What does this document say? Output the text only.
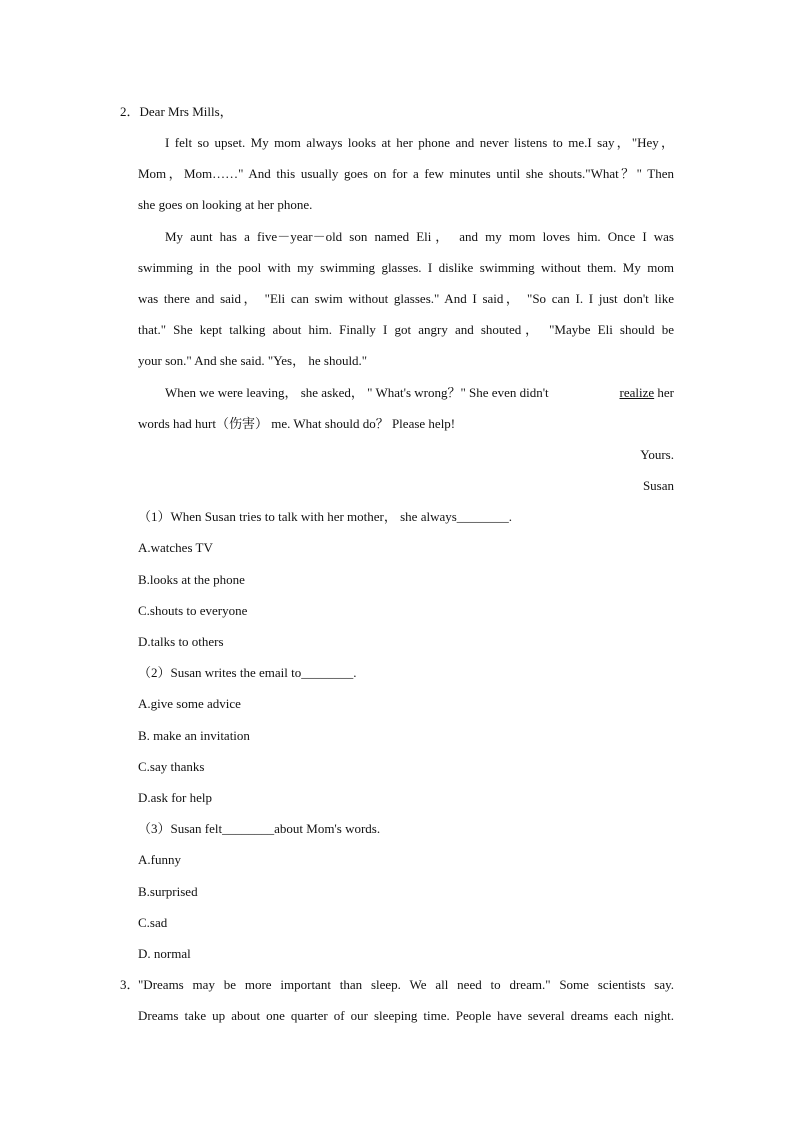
2．Dear Mrs Mills，
I felt so upset. My mom always looks at her phone and never listens to me.I say，"Hey，
Mom，Mom……" And this usually goes on for a few minutes until she shouts."What？" Then
she goes on looking at her phone.
My aunt has a five－year－old son named Eli， and my mom loves him. Once I was
swimming in the pool with my swimming glasses. I dislike swimming without them. My mom
was there and said， "Eli can swim without glasses." And I said， "So can I. I just don't like
that." She kept talking about him. Finally I got angry and shouted， "Maybe Eli should be
your son." And she said. "Yes， he should."
When we were leaving， she asked， " What's wrong？" She even didn't	realize her
words had hurt（伤害） me. What should do？ Please help!
Yours.
Susan
（1）When Susan tries to talk with her mother， she always________.
A.watches TV
B.looks at the phone
C.shouts to everyone
D.talks to others
（2）Susan writes the email to________.
A.give some advice
B. make an invitation
C.say thanks
D.ask for help
（3）Susan felt________about Mom's words.
A.funny
B.surprised
C.sad
D. normal
3．
"Dreams may be more important than sleep. We all need to dream." Some scientists say.
Dreams take up about one quarter of our sleeping time. People have several dreams each night.
